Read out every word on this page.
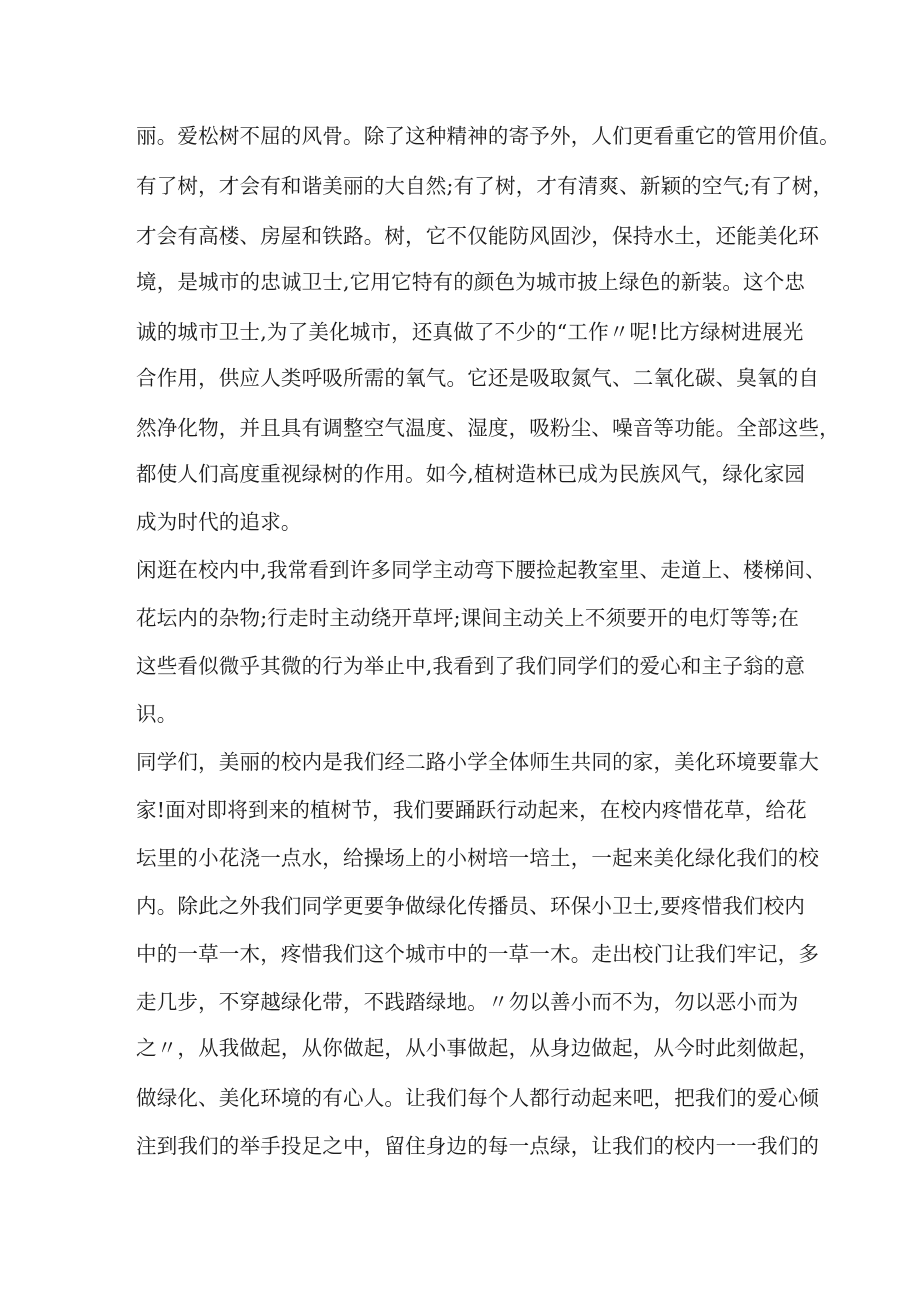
丽。爱松树不屈的风骨。除了这种精神的寄予外，人们更看重它的管用价值。
有了树，才会有和谐美丽的大自然;有了树，才有清爽、新颖的空气;有了树，
才会有高楼、房屋和铁路。树，它不仅能防风固沙，保持水土，还能美化环
境，是城市的忠诚卫士,它用它特有的颜色为城市披上绿色的新装。这个忠
诚的城市卫士,为了美化城市，还真做了不少的“工作〃呢!比方绿树进展光
合作用，供应人类呼吸所需的氧气。它还是吸取氮气、二氧化碳、臭氧的自
然净化物，并且具有调整空气温度、湿度，吸粉尘、噪音等功能。全部这些，
都使人们高度重视绿树的作用。如今,植树造林已成为民族风气，绿化家园
成为时代的追求。
闲逛在校内中,我常看到许多同学主动弯下腰捡起教室里、走道上、楼梯间、
花坛内的杂物;行走时主动绕开草坪;课间主动关上不须要开的电灯等等;在
这些看似微乎其微的行为举止中,我看到了我们同学们的爱心和主子翁的意
识。
同学们，美丽的校内是我们经二路小学全体师生共同的家，美化环境要靠大
家!面对即将到来的植树节，我们要踊跃行动起来，在校内疼惜花草，给花
坛里的小花浇一点水，给操场上的小树培一培土，一起来美化绿化我们的校
内。除此之外我们同学更要争做绿化传播员、环保小卫士,要疼惜我们校内
中的一草一木，疼惜我们这个城市中的一草一木。走出校门让我们牢记，多
走几步，不穿越绿化带，不践踏绿地。〃勿以善小而不为，勿以恶小而为
之〃，从我做起，从你做起，从小事做起，从身边做起，从今时此刻做起，
做绿化、美化环境的有心人。让我们每个人都行动起来吧，把我们的爱心倾
注到我们的举手投足之中，留住身边的每一点绿，让我们的校内一一我们的
